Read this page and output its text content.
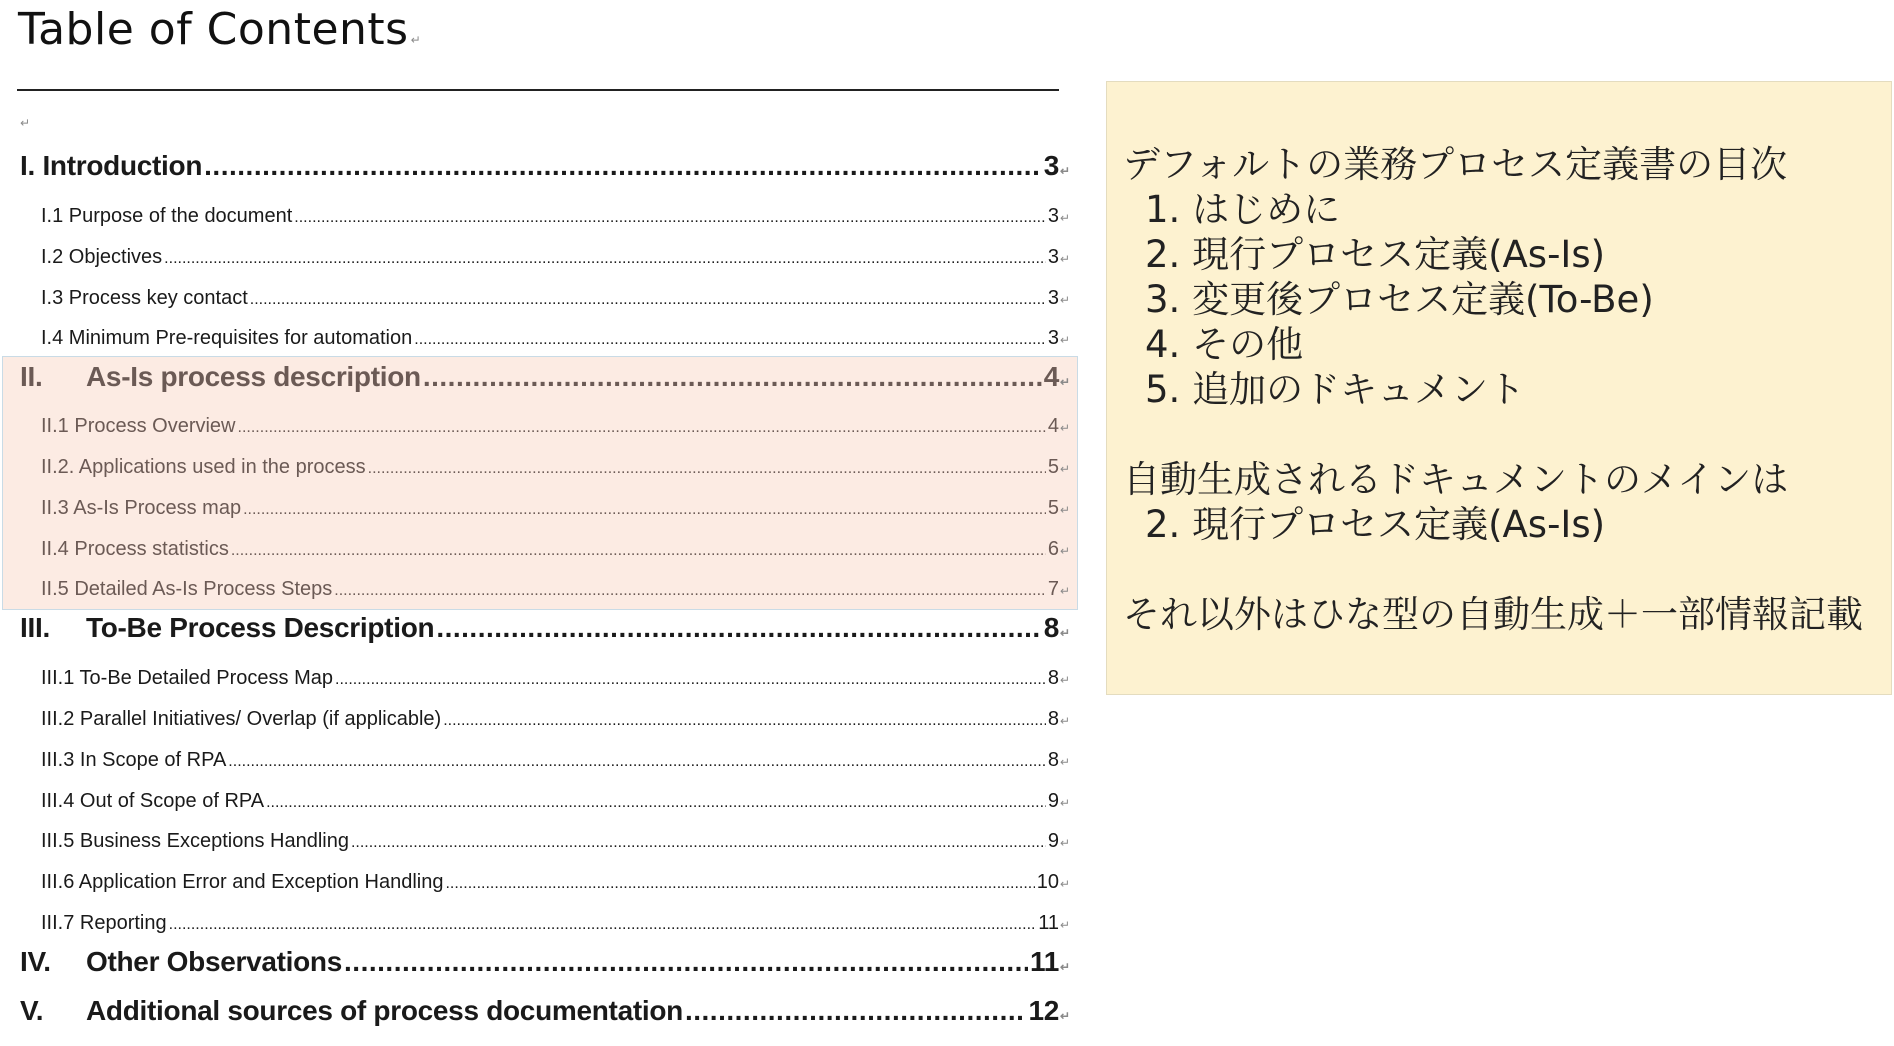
Table of Contents ↵
↵
I. Introduction .....	3 ↵
I.1 Purpose of the document .....	3 ↵
I.2 Objectives .....	3 ↵
I.3 Process key contact .....	3 ↵
I.4 Minimum Pre-requisites for automation .....	3 ↵
II. As-Is process description .....	4 ↵
II.1 Process Overview .....	4 ↵
II.2. Applications used in the process .....	5 ↵
II.3 As-Is Process map .....	5 ↵
II.4 Process statistics .....	6 ↵
II.5 Detailed As-Is Process Steps .....	7 ↵
III. To-Be Process Description .....	8 ↵
III.1 To-Be Detailed Process Map .....	8 ↵
III.2 Parallel Initiatives/ Overlap (if applicable) .....	8 ↵
III.3 In Scope of RPA .....	8 ↵
III.4 Out of Scope of RPA .....	9 ↵
III.5 Business Exceptions Handling .....	9 ↵
III.6 Application Error and Exception Handling .....	10 ↵
III.7 Reporting .....	11 ↵
IV. Other Observations .....	11 ↵
V. Additional sources of process documentation .....	12 ↵
デフォルトの業務プロセス定義書の目次
1. はじめに
2. 現行プロセス定義(As-Is)
3. 変更後プロセス定義(To-Be)
4. その他
5. 追加のドキュメント
自動生成されるドキュメントのメインは
2. 現行プロセス定義(As-Is)
それ以外はひな型の自動生成＋一部情報記載
